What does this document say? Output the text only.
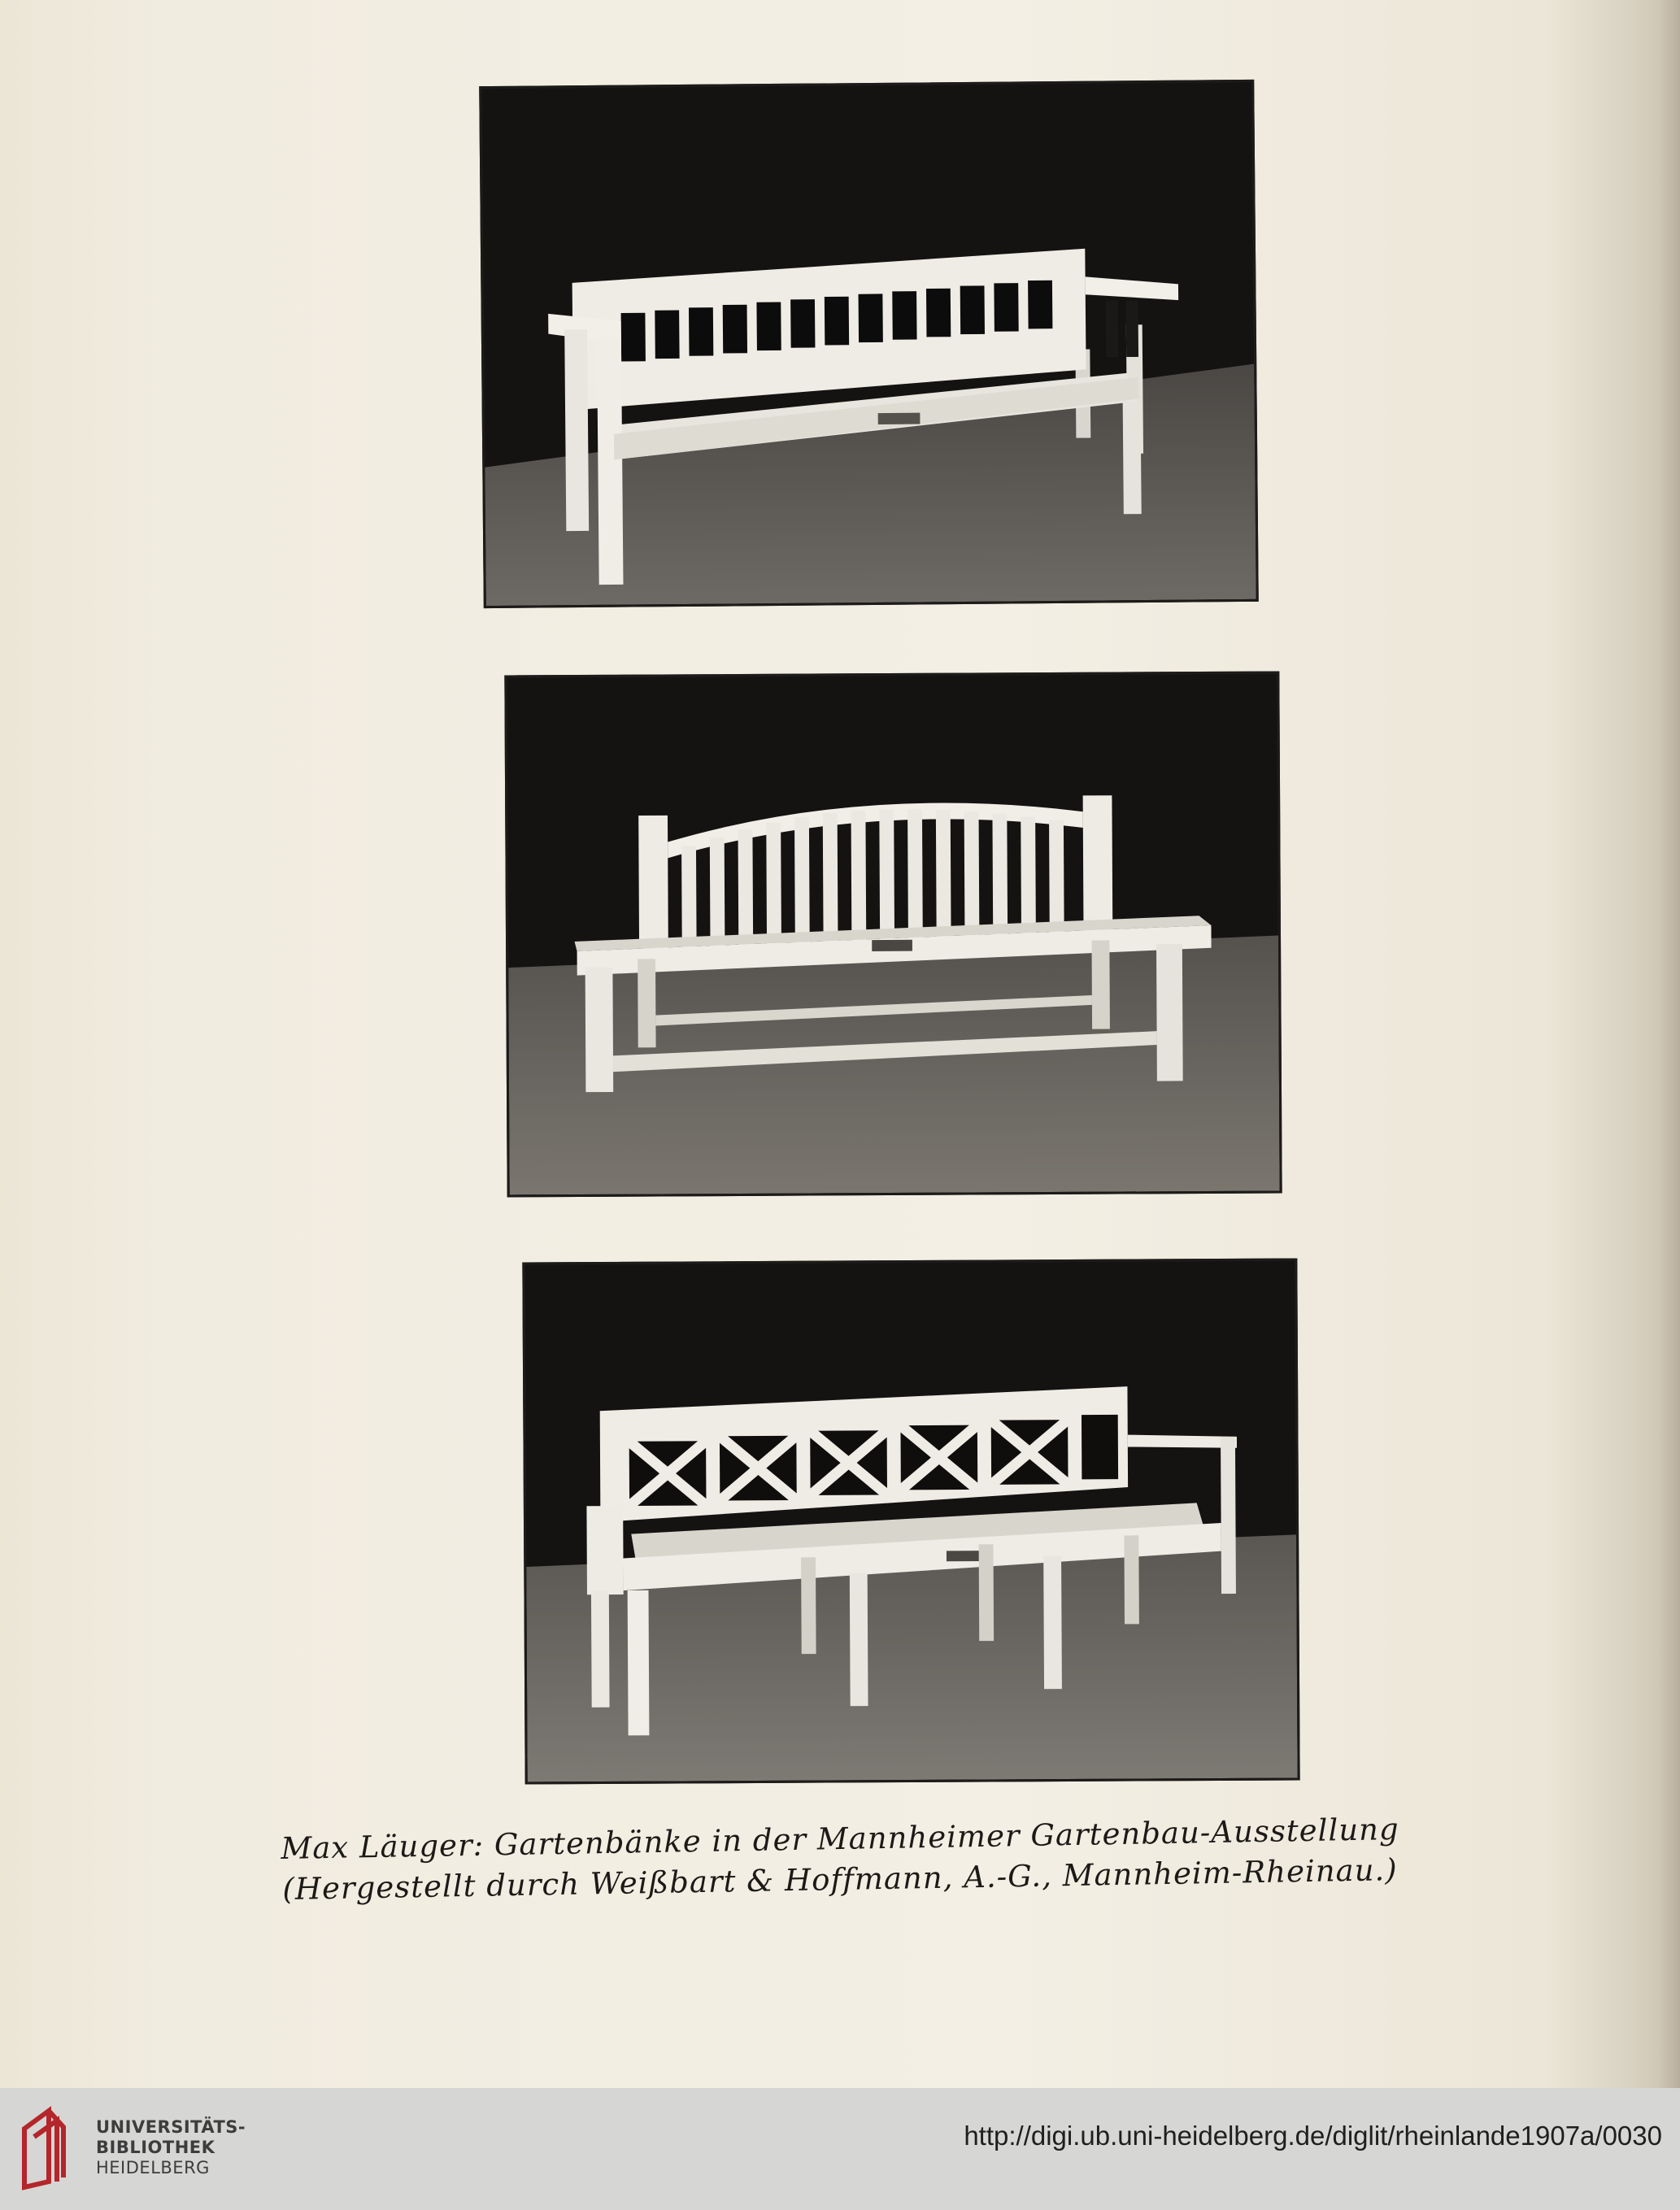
Max Läuger: Gartenbänke in der Mannheimer Gartenbau-Ausstellung
(Hergestellt durch Weißbart & Hoffmann, A.-G., Mannheim-Rheinau.)
UNIVERSITÄTS-
BIBLIOTHEK
HEIDELBERG
http://digi.ub.uni-heidelberg.de/diglit/rheinlande1907a/0030
